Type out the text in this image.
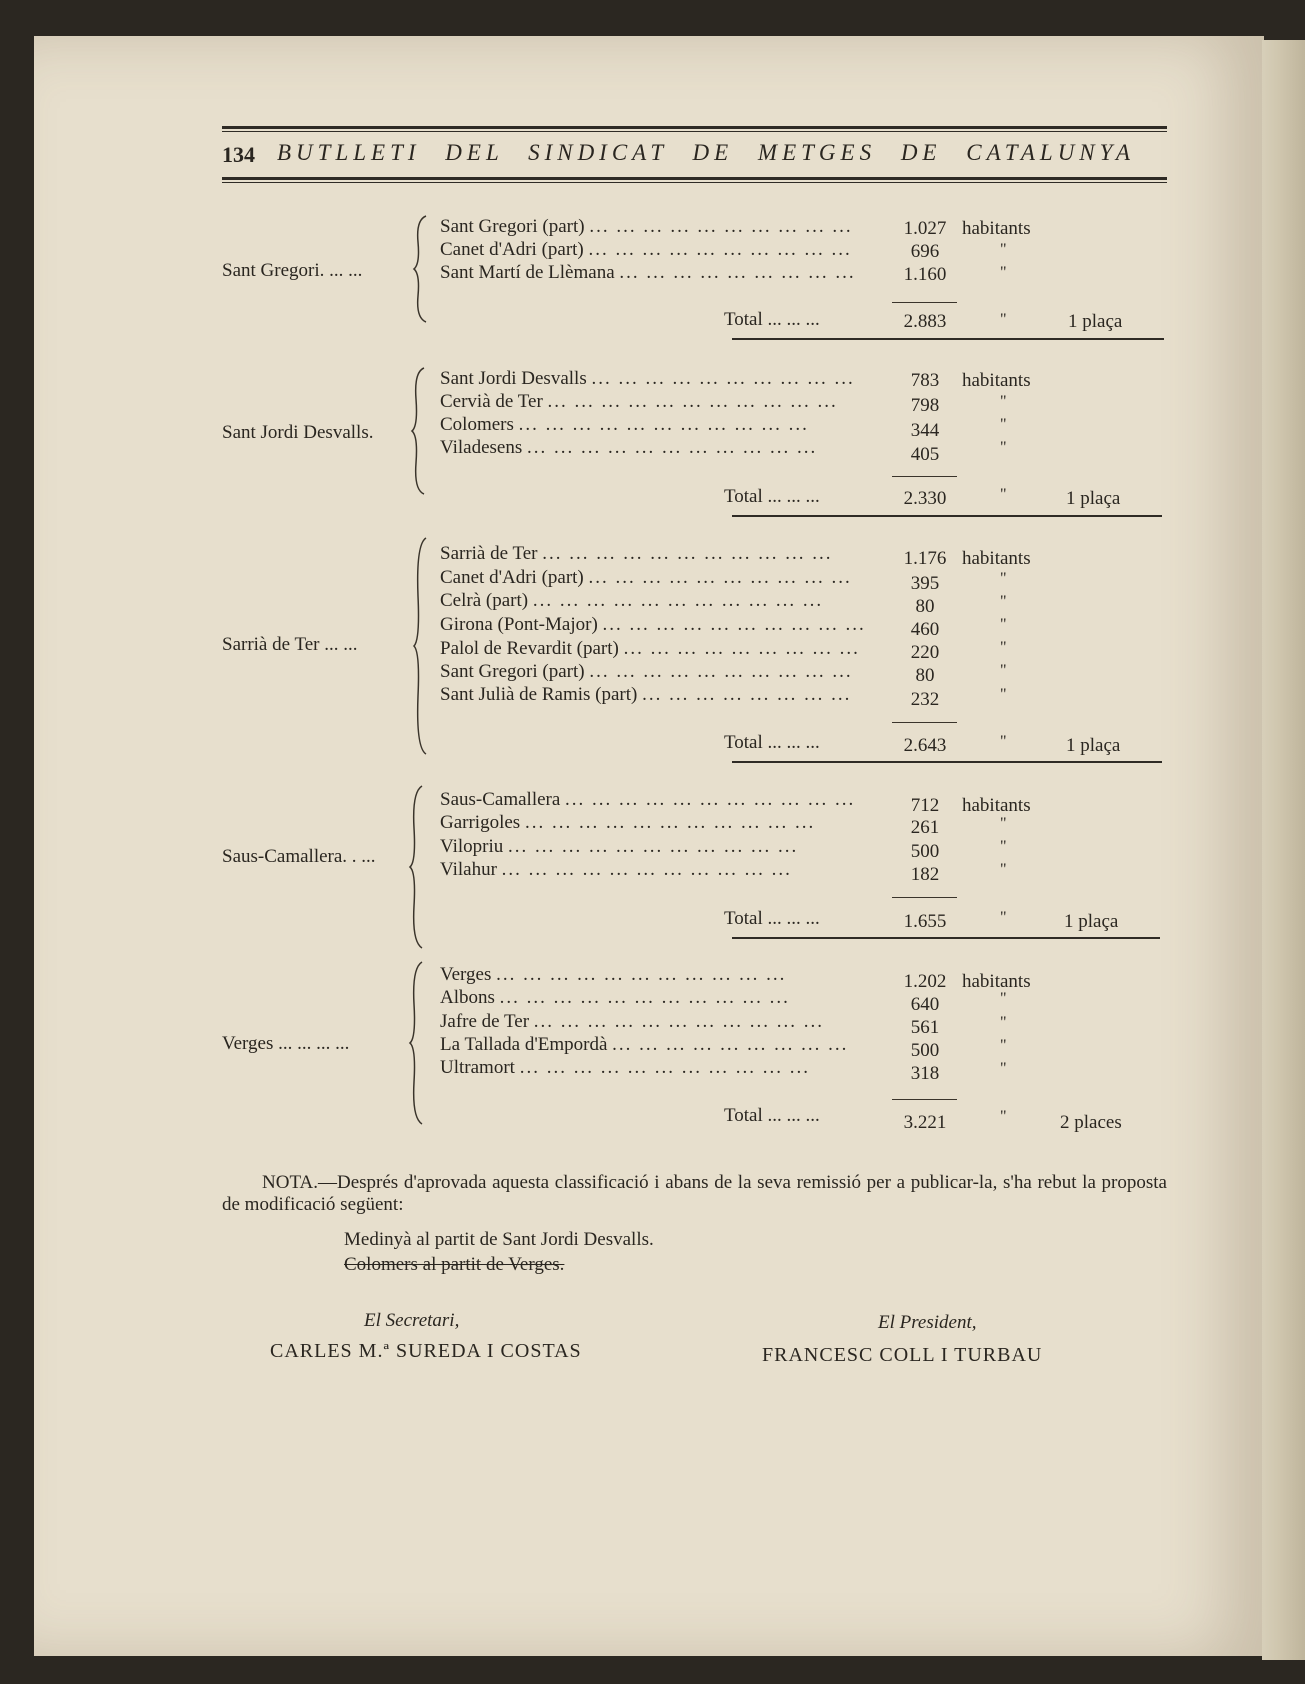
134 BUTLLETI DEL SINDICAT DE METGES DE CATALUNYA
Sant Gregori. ... ...
Sant Gregori (part) ... ... ... ... ... ... ... ... ... ...	1.027 habitants
Canet d'Adri (part) ... ... ... ... ... ... ... ... ... ...	696	"
Sant Martí de Llèmana ... ... ... ... ... ... ... ... ...	1.160	"
Total ... ... ...	2.883	"	1 plaça
Sant Jordi Desvalls.
Sant Jordi Desvalls ... ... ... ... ... ... ... ... ... ...	783	habitants
Cervià de Ter ... ... ... ... ... ... ... ... ... ... ...	798	"
Colomers ... ... ... ... ... ... ... ... ... ... ...	344	"
Viladesens ... ... ... ... ... ... ... ... ... ... ...	405	"
Total ... ... ...	2.330	"	1 plaça
Sarrià de Ter ... ...
Sarrià de Ter ... ... ... ... ... ... ... ... ... ... ...	1.176 habitants
Canet d'Adri (part) ... ... ... ... ... ... ... ... ... ...	395	"
Celrà (part) ... ... ... ... ... ... ... ... ... ... ...	80	"
Girona (Pont-Major) ... ... ... ... ... ... ... ... ... ...	460	"
Palol de Revardit (part) ... ... ... ... ... ... ... ... ...	220	"
Sant Gregori (part) ... ... ... ... ... ... ... ... ... ...	80	"
Sant Julià de Ramis (part) ... ... ... ... ... ... ... ...	232	"
Total ... ... ...	2.643	"	1 plaça
Saus-Camallera. . ...
Saus-Camallera ... ... ... ... ... ... ... ... ... ... ...	712	habitants
Garrigoles ... ... ... ... ... ... ... ... ... ... ...	261	"
Vilopriu ... ... ... ... ... ... ... ... ... ... ...	500	"
Vilahur ... ... ... ... ... ... ... ... ... ... ...	182	"
Total ... ... ...	1.655	"	1 plaça
Verges ... ... ... ...
Verges ... ... ... ... ... ... ... ... ... ... ...	1.202 habitants
Albons ... ... ... ... ... ... ... ... ... ... ...	640	"
Jafre de Ter ... ... ... ... ... ... ... ... ... ... ...	561	"
La Tallada d'Empordà ... ... ... ... ... ... ... ... ...	500	"
Ultramort ... ... ... ... ... ... ... ... ... ... ...	318	"
Total ... ... ...	3.221	"	2 places
NOTA.—Després d'aprovada aquesta classificació i abans de la seva remissió per a publicar-la, s'ha rebut la proposta de modificació següent:
Medinyà al partit de Sant Jordi Desvalls.
Colomers al partit de Verges.
El Secretari,
CARLES M.ª SUREDA I COSTAS
El President,
FRANCESC COLL I TURBAU
